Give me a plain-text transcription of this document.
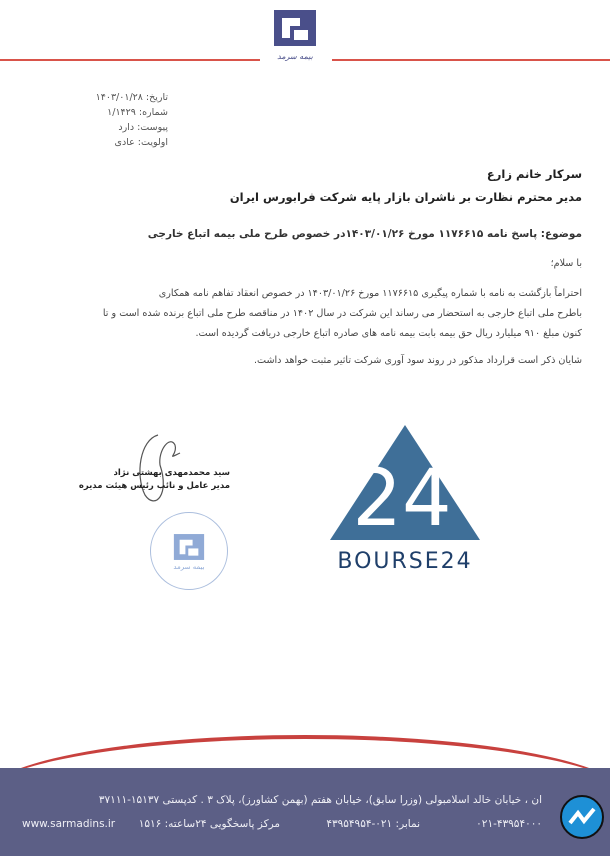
بیمه سرمد
تاریخ: ۱۴۰۳/۰۱/۲۸
شماره: ۱/۱۴۲۹
پیوست: دارد
اولویت: عادی
سرکار خانم زارع
مدیر محترم نظارت بر ناشران بازار پایه شرکت فرابورس ایران
موضوع: پاسخ نامه ۱۱۷۶۶۱۵ مورخ ۱۴۰۳/۰۱/۲۶در خصوص طرح ملی بیمه اتباع خارجی
با سلام؛
احتراماً بازگشت به نامه با شماره پیگیری ۱۱۷۶۶۱۵ مورخ ۱۴۰۳/۰۱/۲۶ در خصوص انعقاد تفاهم نامه همکاری
باطرح ملی اتباع خارجی به استحضار می رساند این شرکت در سال ۱۴۰۲ در مناقصه طرح ملی اتباع برنده شده است و تا
کنون مبلغ ۹۱۰ میلیارد ریال حق بیمه بابت بیمه نامه های صادره اتباع خارجی دریافت گردیده است.
شایان ذکر است قرارداد مذکور در روند سود آوری شرکت تاثیر مثبت خواهد داشت.
سید محمدمهدی بهشتی نژاد
مدیر عامل و نائب رئیس هیئت مدیره
بیمه سرمد
24
BOURSE24
ان ، خیابان خالد اسلامبولی (وزرا سابق)، خیابان هفتم (بهمن کشاورز)، پلاک ۳ . کدپستی ۱۵۱۳۷-۳۷۱۱۱
۰۲۱-۴۳۹۵۴۰۰۰
نمابر: ۰۲۱-۴۳۹۵۴۹۵۴
مرکز پاسخگویی ۲۴ساعته: ۱۵۱۶
www.sarmadins.ir
